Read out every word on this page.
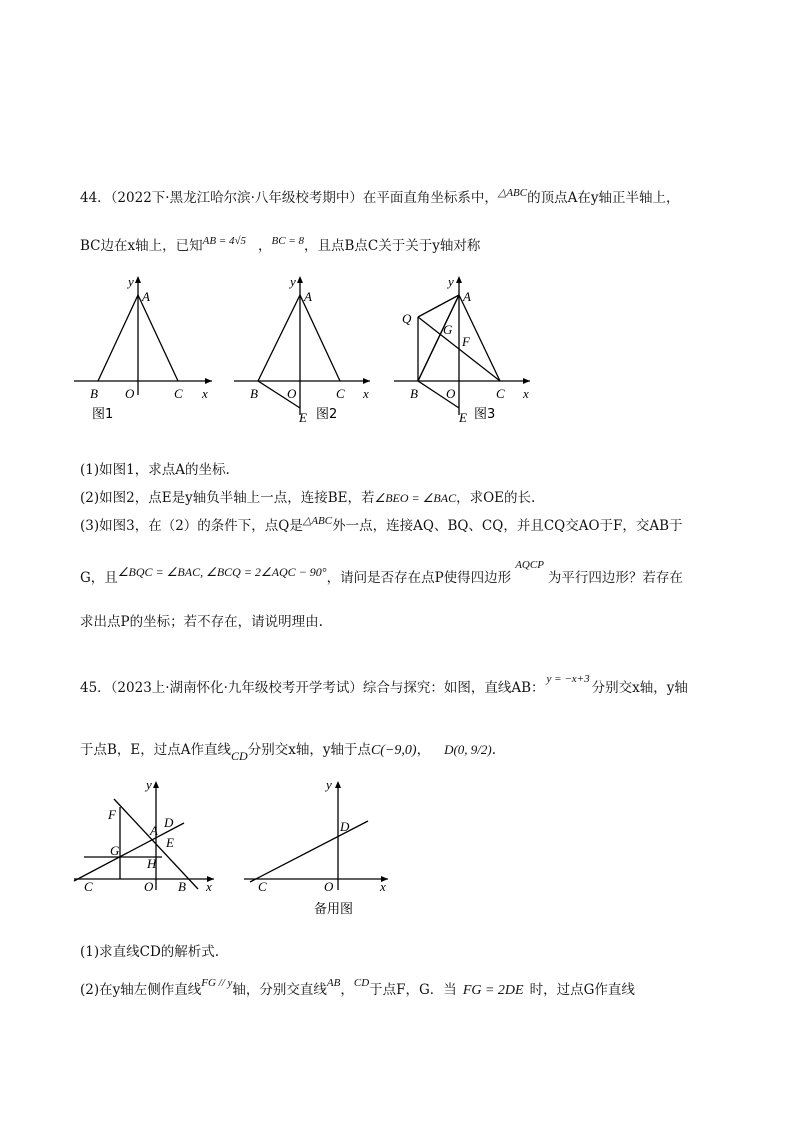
44．（2022下·黑龙江哈尔滨·八年级校考期中）在平面直角坐标系中，$^{\triangle ABC}$的顶点A在y轴正半轴上，
BC边在x轴上，已知$^{AB = 4√5}$ ，$^{BC = 8}$，且点B点C关于关于y轴对称
y
A
B O	C x
图1
y
A
B O	C x
E 图2
y
A
Q
G
F
B O	C x
E 图3
(1)如图1，求点A的坐标.
(2)如图2，点E是y轴负半轴上一点，连接BE，若∠BEO = ∠BAC，求OE的长.
(3)如图3，在（2）的条件下，点Q是$^{\triangle ABC}$外一点，连接AQ、BQ、CQ，并且CQ交AO于F，交AB于
G，且∠BQC = ∠BAC, ∠BCQ = 2∠AQC − 90°，请问是否存在点P使得四边形$^{AQCP}$为平行四边形？若存在
求出点P的坐标；若不存在，请说明理由.
45．（2023上·湖南怀化·九年级校考开学考试）综合与探究：如图，直线AB：$^{y = -x+3}$分别交x轴，y轴
于点B，E，过点A作直线CD分别交x轴，y轴于点C(−9,0)， D(0, 9/2).
y
F
A
D
E
G
H
C	O B x
y
D
C	O	x
备用图
(1)求直线CD的解析式.
(2)在y轴左侧作直线$^{FG // y}$轴，分别交直线$^{AB}$，$^{CD}$于点F，G．当 FG = 2DE 时，过点G作直线
